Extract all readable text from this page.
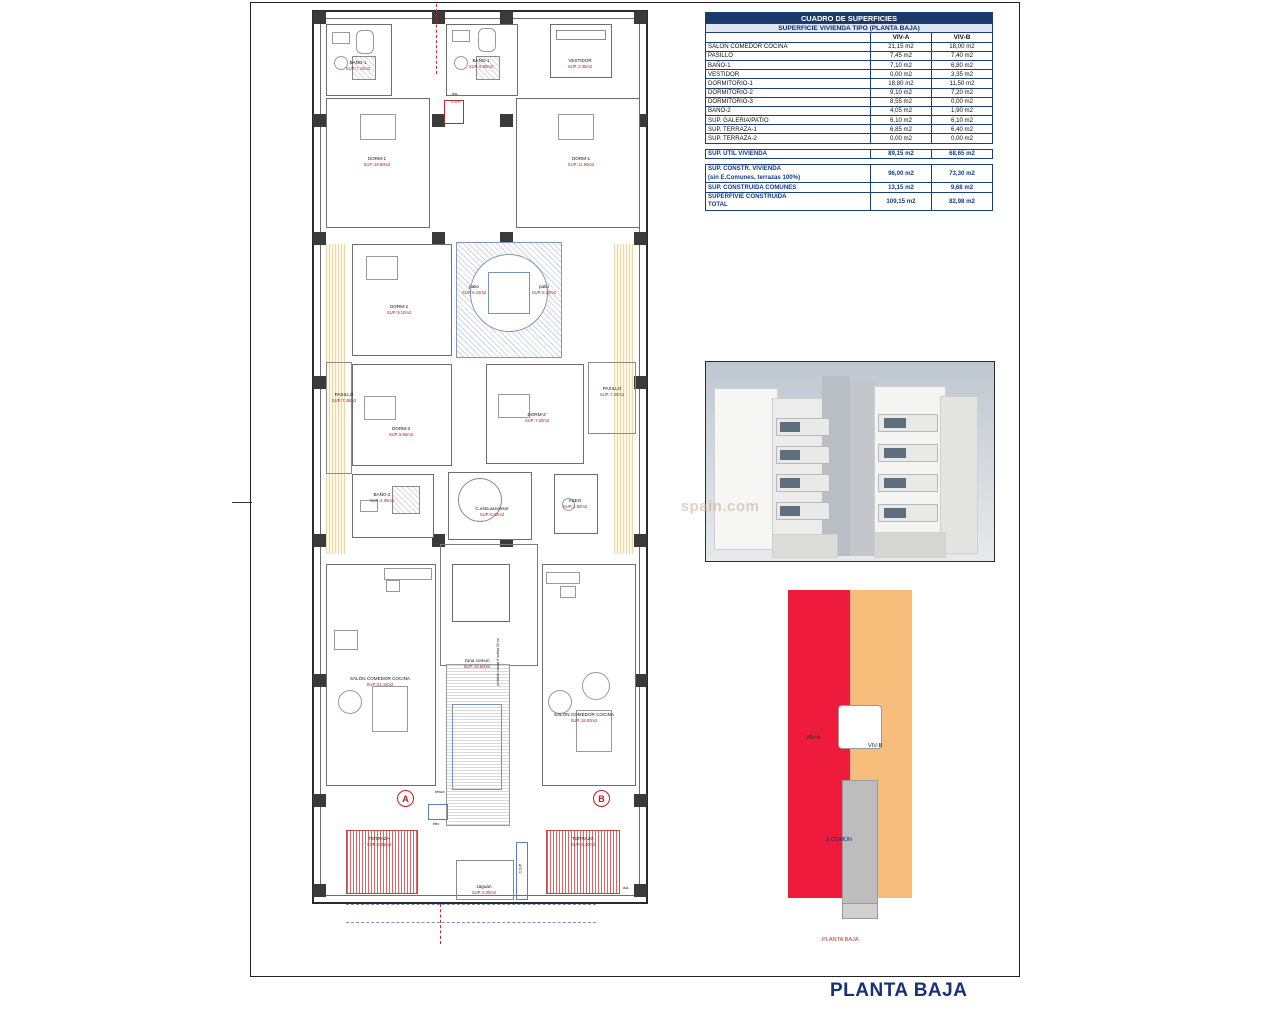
BAÑO-1
SUP.:7.10m2
BAÑO-1
SUP.:6.80m2
VESTIDOR
SUP.:3.35m2
DORM-1
SUP.:18.80m2
DORM-1
SUP.:11.50m2
DORM-2
SUP.:9.10m2
DORM-2'
SUP.:7.20m2
DORM-3
SUP.:8.55m2
PASILLO
SUP.:7.45m2
PASILLO
SUP.:7.40m2
BAÑO-2
SUP.:4.05m2	ASEO
SUP.:1.92m2
patio
SUP.:6.10m2
patio
SUP.:6.10m2
C.esta.ascensor
SUP.:6.00m2
SALÓN COMEDOR COCINA
SUP.:21.15m2
SALON COMEDOR COCINA
SUP.:18.00m2
zona comun
SUP.:15.60m2
TERRAZA
SUP.:6.85m2
TERRAZA
SUP.:6.40m2
zaguán
SUP.:3.00m2
duc.
s.cont.
elec
telsco
C.G.P.
duc.
prohibido instalar 8 huellas 32 cm
A	B
CUADRO DE SUPERFICIES		
SUPERFICIE VIVIENDA TIPO (PLANTA BAJA)		
	VIV-A	VIV-B
SALON COMEDOR COCINA	21,15 m2	18,00 m2
PASILLO	7,45 m2	7,40 m2
BAÑO-1	7,10 m2	6,80 m2
VESTIDOR	0,00 m2	3,35 m2
DORMITORIO-1	18,80 m2	11,50 m2
DORMITORIO-2	9,10 m2	7,20 m2
DORMITORIO-3	8,55 m2	0,00 m2
BAÑO-2	4,05 m2	1,90 m2
SUP. GALERIA/PATIO	6,10 m2	6,10 m2
SUP. TERRAZA-1	6,85 m2	6,40 m2
SUP. TERRAZA-2	0,00 m2	0,00 m2
SUP. UTIL VIVIENDA	89,15 m2	68,65 m2
SUP. CONSTR. VIVIENDA
(sin E.Comunes, terrazas 100%)	96,00 m2	73,30 m2
SUP. CONSTRUIDA COMUNES	13,15 m2	9,68 m2
SUPERFIVIE CONSTRUIDA
TOTAL	109,15 m2	82,98 m2
spain.com
VIV-A
VIV-B
Z.COMÚN
PLANTA BAJA
PLANTA BAJA
